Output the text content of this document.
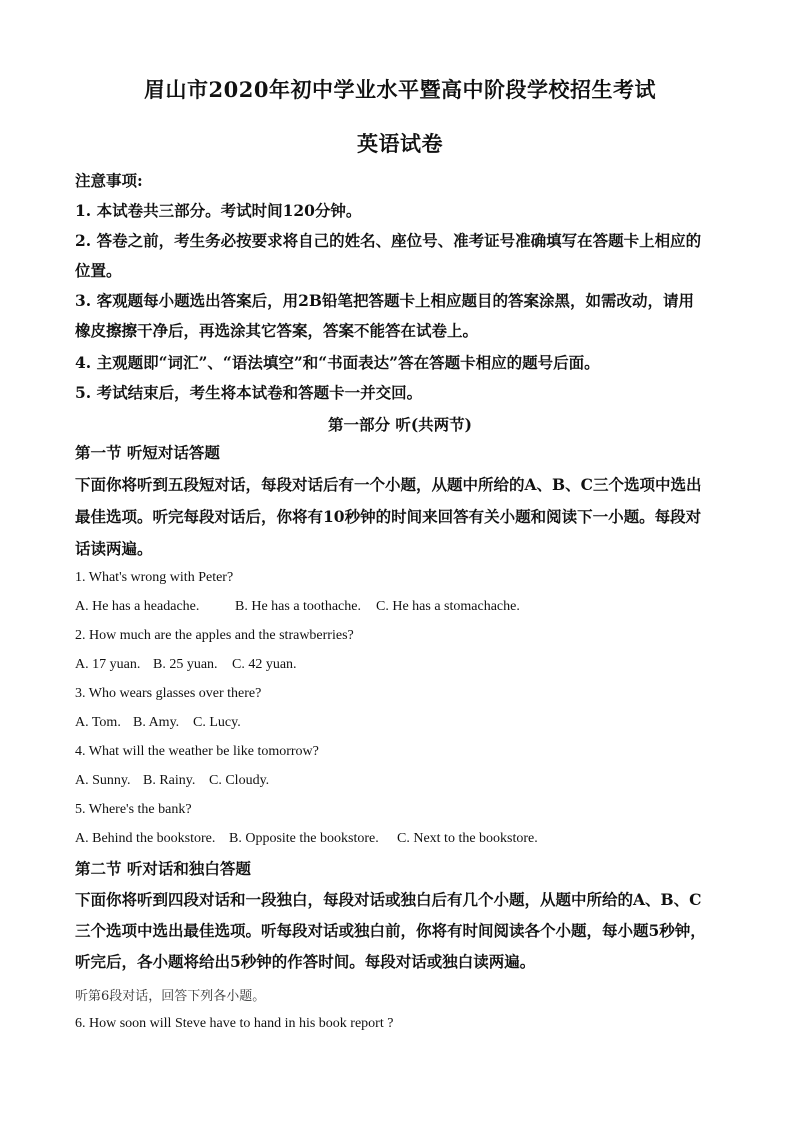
眉山市2020年初中学业水平暨高中阶段学校招生考试
英语试卷
注意事项:
1. 本试卷共三部分。考试时间120分钟。
2. 答卷之前，考生务必按要求将自己的姓名、座位号、准考证号准确填写在答题卡上相应的
位置。
3. 客观题每小题选出答案后，用2B铅笔把答题卡上相应题目的答案涂黑，如需改动，请用
橡皮擦擦干净后，再选涂其它答案，答案不能答在试卷上。
4. 主观题即“词汇”、“语法填空”和“书面表达”答在答题卡相应的题号后面。
5. 考试结束后，考生将本试卷和答题卡一并交回。
第一部分 听(共两节)
第一节 听短对话答题
下面你将听到五段短对话，每段对话后有一个小题，从题中所给的A、B、C三个选项中选出
最佳选项。听完每段对话后，你将有10秒钟的时间来回答有关小题和阅读下一小题。每段对
话读两遍。
1. What's wrong with Peter?
A. He has a headache.	B. He has a toothache. C. He has a stomachache.
2. How much are the apples and the strawberries?
A. 17 yuan. B. 25 yuan. C. 42 yuan.
3. Who wears glasses over there?
A. Tom. B. Amy. C. Lucy.
4. What will the weather be like tomorrow?
A. Sunny. B. Rainy. C. Cloudy.
5. Where's the bank?
A. Behind the bookstore. B. Opposite the bookstore. C. Next to the bookstore.
第二节 听对话和独白答题
下面你将听到四段对话和一段独白，每段对话或独白后有几个小题，从题中所给的A、B、C
三个选项中选出最佳选项。听每段对话或独白前，你将有时间阅读各个小题，每小题5秒钟，
听完后，各小题将给出5秒钟的作答时间。每段对话或独白读两遍。
听第6段对话，回答下列各小题。
6. How soon will Steve have to hand in his book report ?
